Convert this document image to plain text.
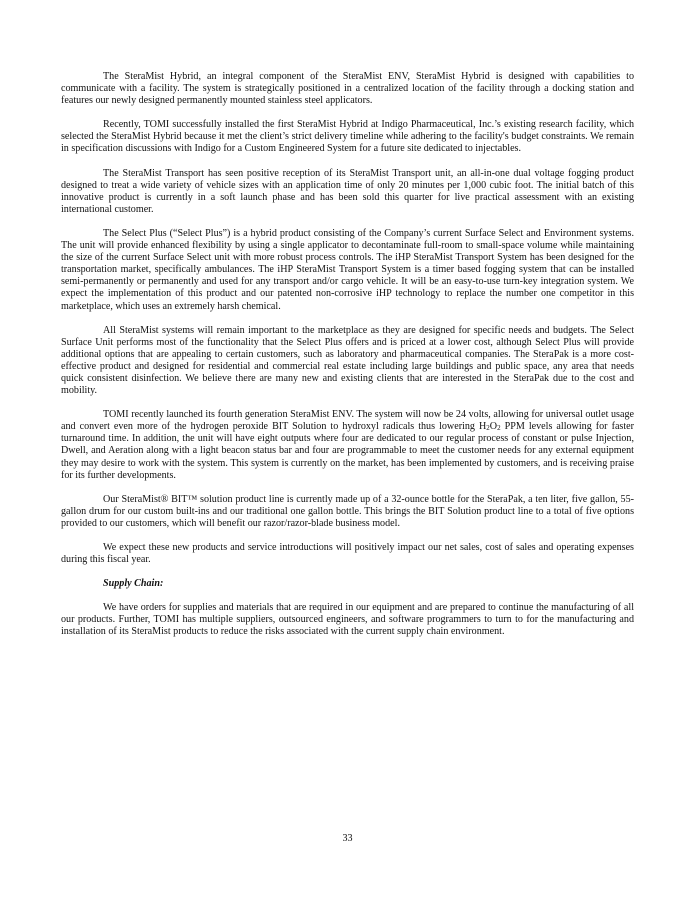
The SteraMist Hybrid, an integral component of the SteraMist ENV, SteraMist Hybrid is designed with capabilities to communicate with a facility. The system is strategically positioned in a centralized location of the facility through a docking station and features our newly designed permanently mounted stainless steel applicators.

Recently, TOMI successfully installed the first SteraMist Hybrid at Indigo Pharmaceutical, Inc.’s existing research facility, which selected the SteraMist Hybrid because it met the client’s strict delivery timeline while adhering to the facility's budget constraints. We remain in specification discussions with Indigo for a Custom Engineered System for a future site dedicated to injectables.

The SteraMist Transport has seen positive reception of its SteraMist Transport unit, an all-in-one dual voltage fogging product designed to treat a wide variety of vehicle sizes with an application time of only 20 minutes per 1,000 cubic foot. The initial batch of this innovative product is currently in a soft launch phase and has been sold this quarter for live practical assessment with an existing international customer.

The Select Plus (“Select Plus”) is a hybrid product consisting of the Company’s current Surface Select and Environment systems. The unit will provide enhanced flexibility by using a single applicator to decontaminate full-room to small-space volume while maintaining the size of the current Surface Select unit with more robust process controls. The iHP SteraMist Transport System has been designed for the transportation market, specifically ambulances. The iHP SteraMist Transport System is a timer based fogging system that can be installed semi-permanently or permanently and used for any transport and/or cargo vehicle. It will be an easy-to-use turn-key integration system. We expect the implementation of this product and our patented non-corrosive iHP technology to replace the number one competitor in this marketplace, which uses an extremely harsh chemical.

All SteraMist systems will remain important to the marketplace as they are designed for specific needs and budgets. The Select Surface Unit performs most of the functionality that the Select Plus offers and is priced at a lower cost, although Select Plus will provide additional options that are appealing to certain customers, such as laboratory and pharmaceutical companies. The SteraPak is a more cost-effective product and designed for residential and commercial real estate including large buildings and public space, any area that needs quick consistent disinfection. We believe there are many new and existing clients that are interested in the SteraPak due to the cost and mobility.

TOMI recently launched its fourth generation SteraMist ENV. The system will now be 24 volts, allowing for universal outlet usage and convert even more of the hydrogen peroxide BIT Solution to hydroxyl radicals thus lowering $H_2O_2$ PPM levels allowing for faster turnaround time. In addition, the unit will have eight outputs where four are dedicated to our regular process of constant or pulse Injection, Dwell, and Aeration along with a light beacon status bar and four are programmable to meet the customer needs for any external equipment they may desire to work with the system. This system is currently on the market, has been implemented by customers, and is receiving praise for its further developments.

Our SteraMist® BIT™ solution product line is currently made up of a 32-ounce bottle for the SteraPak, a ten liter, five gallon, 55-gallon drum for our custom built-ins and our traditional one gallon bottle. This brings the BIT Solution product line to a total of five options provided to our customers, which will benefit our razor/razor-blade business model.

We expect these new products and service introductions will positively impact our net sales, cost of sales and operating expenses during this fiscal year.

Supply Chain:

We have orders for supplies and materials that are required in our equipment and are prepared to continue the manufacturing of all our products. Further, TOMI has multiple suppliers, outsourced engineers, and software programmers to turn to for the manufacturing and installation of its SteraMist products to reduce the risks associated with the current supply chain environment.

33
